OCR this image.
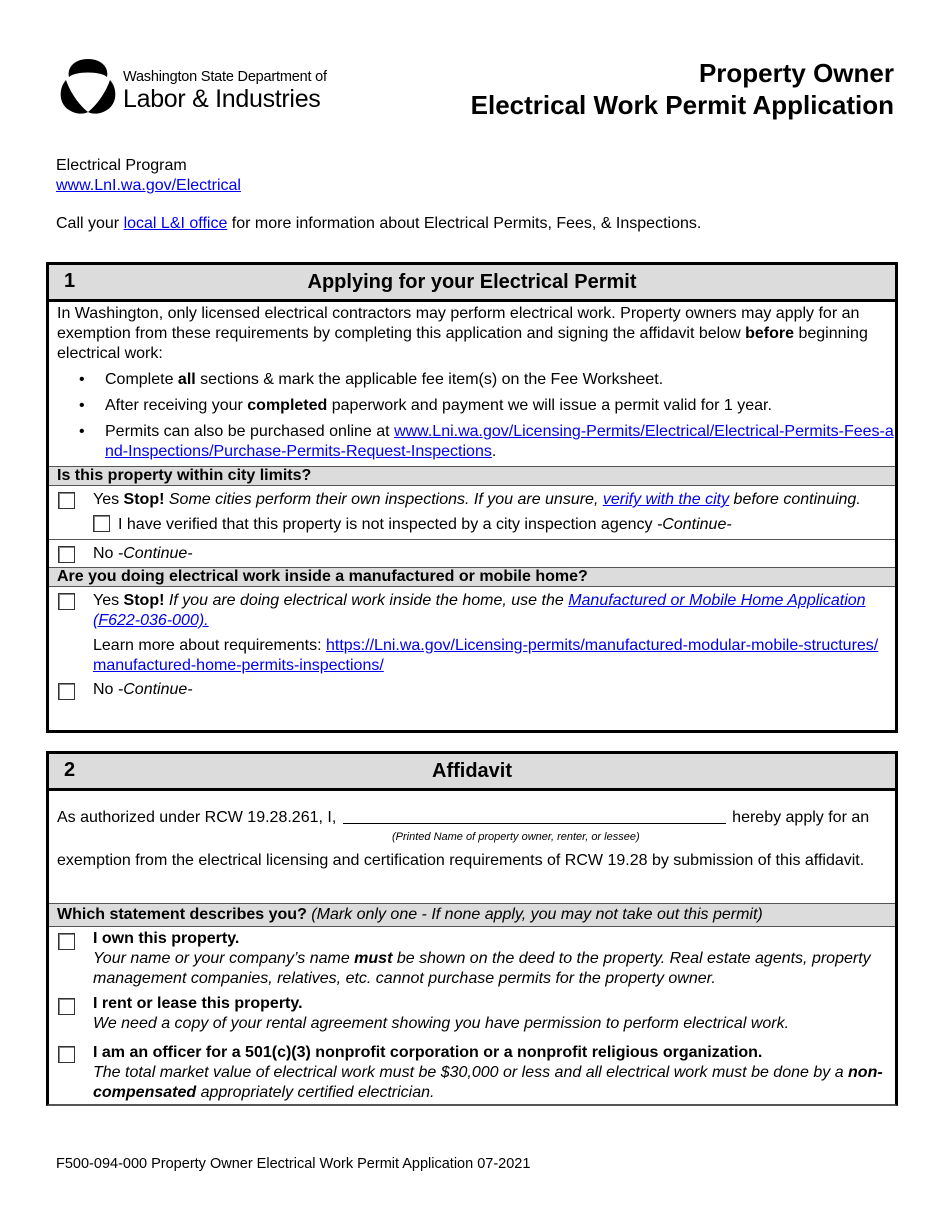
Washington State Department of
Labor & Industries
Property Owner
Electrical Work Permit Application
Electrical Program
www.LnI.wa.gov/Electrical
Call your local L&I office for more information about Electrical Permits, Fees, & Inspections.
1	Applying for your Electrical Permit
In Washington, only licensed electrical contractors may perform electrical work. Property owners may apply for an exemption from these requirements by completing this application and signing the affidavit below before beginning electrical work:
• Complete all sections & mark the applicable fee item(s) on the Fee Worksheet.
• After receiving your completed paperwork and payment we will issue a permit valid for 1 year.
• Permits can also be purchased online at www.Lni.wa.gov/Licensing-Permits/Electrical/Electrical-Permits-Fees-and-Inspections/Purchase-Permits-Request-Inspections.
Is this property within city limits?
Yes Stop! Some cities perform their own inspections. If you are unsure, verify with the city before continuing.
I have verified that this property is not inspected by a city inspection agency -Continue-
No -Continue-
Are you doing electrical work inside a manufactured or mobile home?
Yes Stop! If you are doing electrical work inside the home, use the Manufactured or Mobile Home Application (F622-036-000).
Learn more about requirements: https://Lni.wa.gov/Licensing-permits/manufactured-modular-mobile-structures/manufactured-home-permits-inspections/
No -Continue-
2	Affidavit
As authorized under RCW 19.28.261, I,	hereby apply for an
(Printed Name of property owner, renter, or lessee)
exemption from the electrical licensing and certification requirements of RCW 19.28 by submission of this affidavit.
Which statement describes you? (Mark only one - If none apply, you may not take out this permit)
I own this property.
Your name or your company’s name must be shown on the deed to the property. Real estate agents, property management companies, relatives, etc. cannot purchase permits for the property owner.
I rent or lease this property.
We need a copy of your rental agreement showing you have permission to perform electrical work.
I am an officer for a 501(c)(3) nonprofit corporation or a nonprofit religious organization.
The total market value of electrical work must be $30,000 or less and all electrical work must be done by a non-compensated appropriately certified electrician.
F500-094-000 Property Owner Electrical Work Permit Application 07-2021
